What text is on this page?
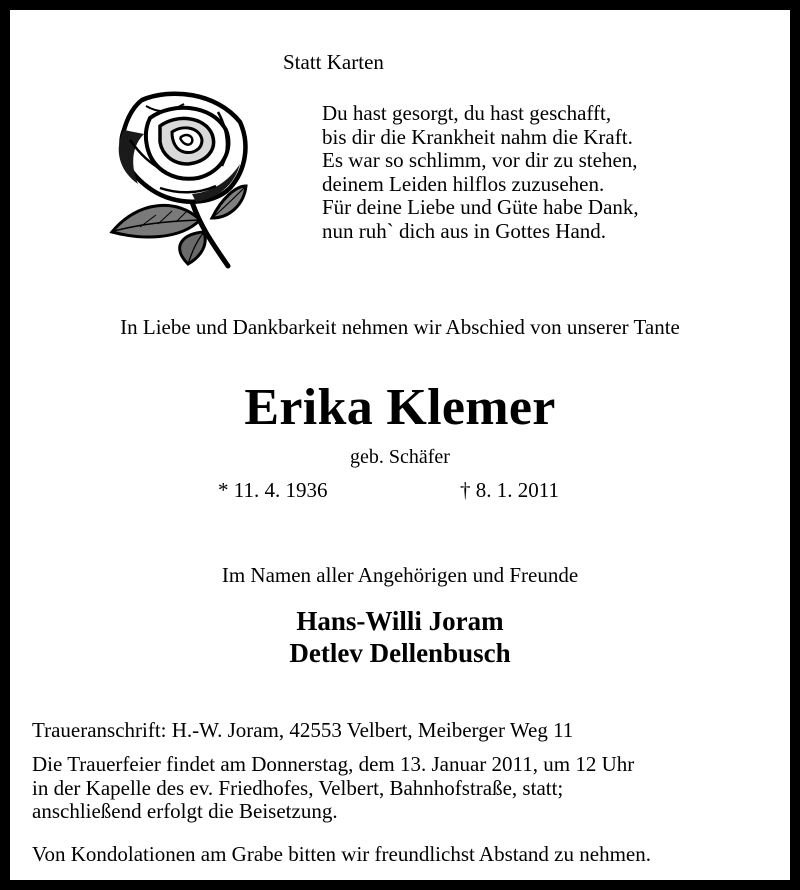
Statt Karten
Du hast gesorgt, du hast geschafft,
bis dir die Krankheit nahm die Kraft.
Es war so schlimm, vor dir zu stehen,
deinem Leiden hilflos zuzusehen.
Für deine Liebe und Güte habe Dank,
nun ruh` dich aus in Gottes Hand.
In Liebe und Dankbarkeit nehmen wir Abschied von unserer Tante
Erika Klemer
geb. Schäfer
* 11. 4. 1936	† 8. 1. 2011
Im Namen aller Angehörigen und Freunde
Hans-Willi Joram
Detlev Dellenbusch
Traueranschrift: H.-W. Joram, 42553 Velbert, Meiberger Weg 11
Die Trauerfeier findet am Donnerstag, dem 13. Januar 2011, um 12 Uhr
in der Kapelle des ev. Friedhofes, Velbert, Bahnhofstraße, statt;
anschließend erfolgt die Beisetzung.
Von Kondolationen am Grabe bitten wir freundlichst Abstand zu nehmen.
